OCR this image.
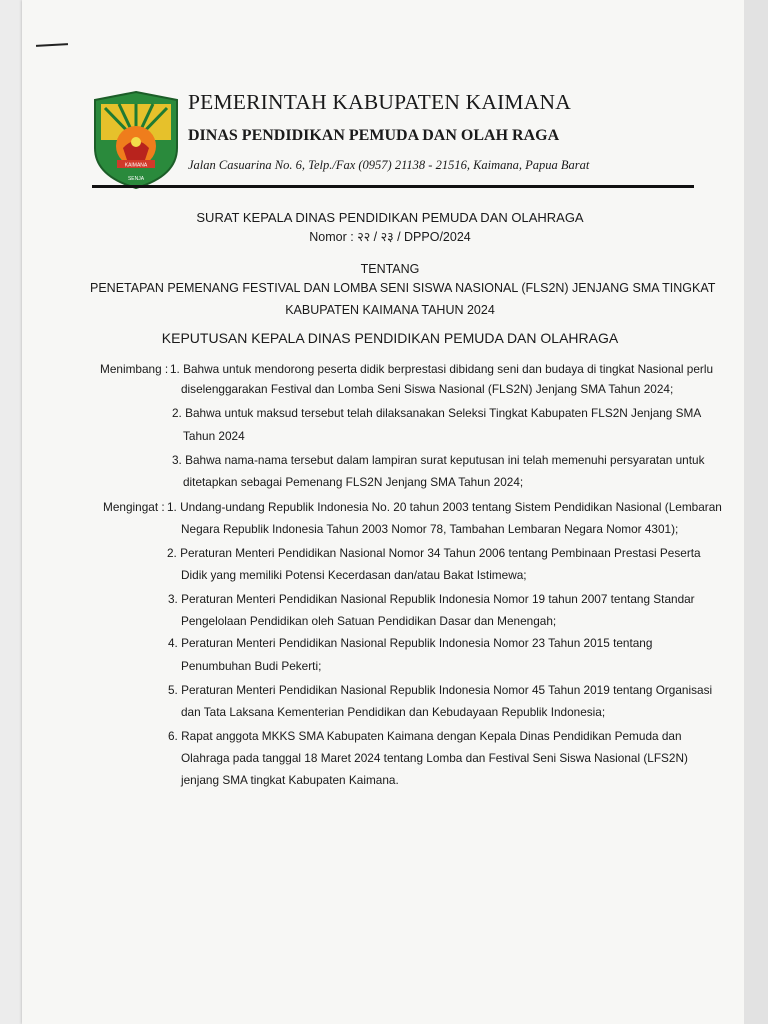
KAIMANA
SENJA
PEMERINTAH KABUPATEN KAIMANA
DINAS PENDIDIKAN PEMUDA DAN OLAH RAGA
Jalan Casuarina No. 6, Telp./Fax (0957) 21138 - 21516, Kaimana, Papua Barat
SURAT KEPALA DINAS PENDIDIKAN PEMUDA DAN OLAHRAGA
Nomor : २२ / २३ / DPPO/2024
TENTANG
PENETAPAN PEMENANG FESTIVAL DAN LOMBA SENI SISWA NASIONAL (FLS2N) JENJANG SMA TINGKAT
KABUPATEN KAIMANA TAHUN 2024
KEPUTUSAN KEPALA DINAS PENDIDIKAN PEMUDA DAN OLAHRAGA
Menimbang : 1. Bahwa untuk mendorong peserta didik berprestasi dibidang seni dan budaya di tingkat Nasional perlu
diselenggarakan Festival dan Lomba Seni Siswa Nasional (FLS2N) Jenjang SMA Tahun 2024;
2. Bahwa untuk maksud tersebut telah dilaksanakan Seleksi Tingkat Kabupaten FLS2N Jenjang SMA
Tahun 2024
3. Bahwa nama-nama tersebut dalam lampiran surat keputusan ini telah memenuhi persyaratan untuk
ditetapkan sebagai Pemenang FLS2N Jenjang SMA Tahun 2024;
Mengingat : 1. Undang-undang Republik Indonesia No. 20 tahun 2003 tentang Sistem Pendidikan Nasional (Lembaran
Negara Republik Indonesia Tahun 2003 Nomor 78, Tambahan Lembaran Negara Nomor 4301);
2. Peraturan Menteri Pendidikan Nasional Nomor 34 Tahun 2006 tentang Pembinaan Prestasi Peserta
Didik yang memiliki Potensi Kecerdasan dan/atau Bakat Istimewa;
3. Peraturan Menteri Pendidikan Nasional Republik Indonesia Nomor 19 tahun 2007 tentang Standar
Pengelolaan Pendidikan oleh Satuan Pendidikan Dasar dan Menengah;
4. Peraturan Menteri Pendidikan Nasional Republik Indonesia Nomor 23 Tahun 2015 tentang
Penumbuhan Budi Pekerti;
5. Peraturan Menteri Pendidikan Nasional Republik Indonesia Nomor 45 Tahun 2019 tentang Organisasi
dan Tata Laksana Kementerian Pendidikan dan Kebudayaan Republik Indonesia;
6. Rapat anggota MKKS SMA Kabupaten Kaimana dengan Kepala Dinas Pendidikan Pemuda dan
Olahraga pada tanggal 18 Maret 2024 tentang Lomba dan Festival Seni Siswa Nasional (LFS2N)
jenjang SMA tingkat Kabupaten Kaimana.
